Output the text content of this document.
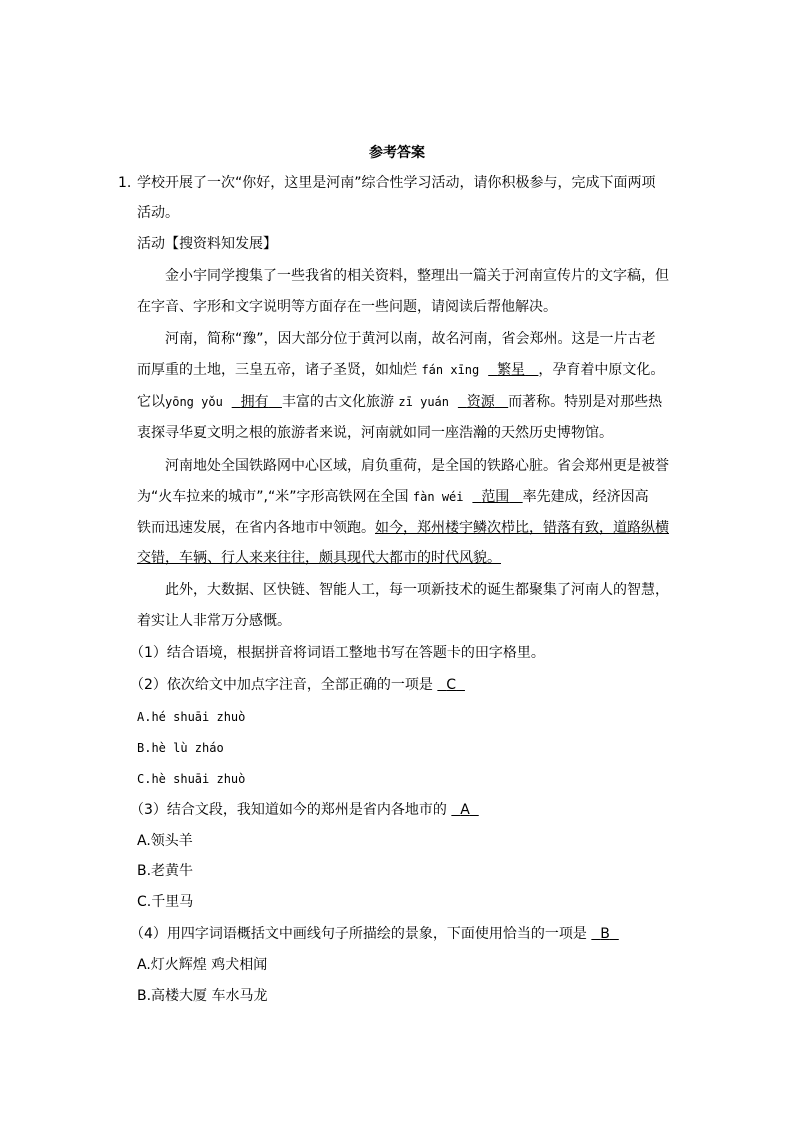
参考答案
1. 学校开展了一次“你好，这里是河南”综合性学习活动，请你积极参与，完成下面两项
活动。
活动【搜资料知发展】
金小宇同学搜集了一些我省的相关资料，整理出一篇关于河南宣传片的文字稿，但
在字音、字形和文字说明等方面存在一些问题，请阅读后帮他解决。
河南，简称“豫”，因大部分位于黄河以南，故名河南，省会郑州。这是一片古老
而厚重的土地，三皇五帝，诸子圣贤，如灿烂 fán xīng 繁星 ，孕育着中原文化。
它以yōng yǒu 拥有 丰富的古文化旅游 zī yuán 资源 而著称。特别是对那些热
衷探寻华夏文明之根的旅游者来说，河南就如同一座浩瀚的天然历史博物馆。
河南地处全国铁路网中心区域，肩负重荷，是全国的铁路心脏。省会郑州更是被誉
为“火车拉来的城市”,“米”字形高铁网在全国 fàn wéi 范围 率先建成，经济因高
铁而迅速发展，在省内各地市中领跑。如今，郑州楼宇鳞次栉比，错落有致，道路纵横
交错，车辆、行人来来往往，颇具现代大都市的时代风貌。
此外，大数据、区快链、智能人工，每一项新技术的诞生都聚集了河南人的智慧，
着实让人非常万分感慨。
（1）结合语境，根据拼音将词语工整地书写在答题卡的田字格里。
（2）依次给文中加点字注音，全部正确的一项是 C
A.hé shuāi zhuò
B.hè lù zháo
C.hè shuāi zhuò
（3）结合文段，我知道如今的郑州是省内各地市的 A
A.领头羊
B.老黄牛
C.千里马
（4）用四字词语概括文中画线句子所描绘的景象，下面使用恰当的一项是 B
A.灯火辉煌 鸡犬相闻
B.高楼大厦 车水马龙
